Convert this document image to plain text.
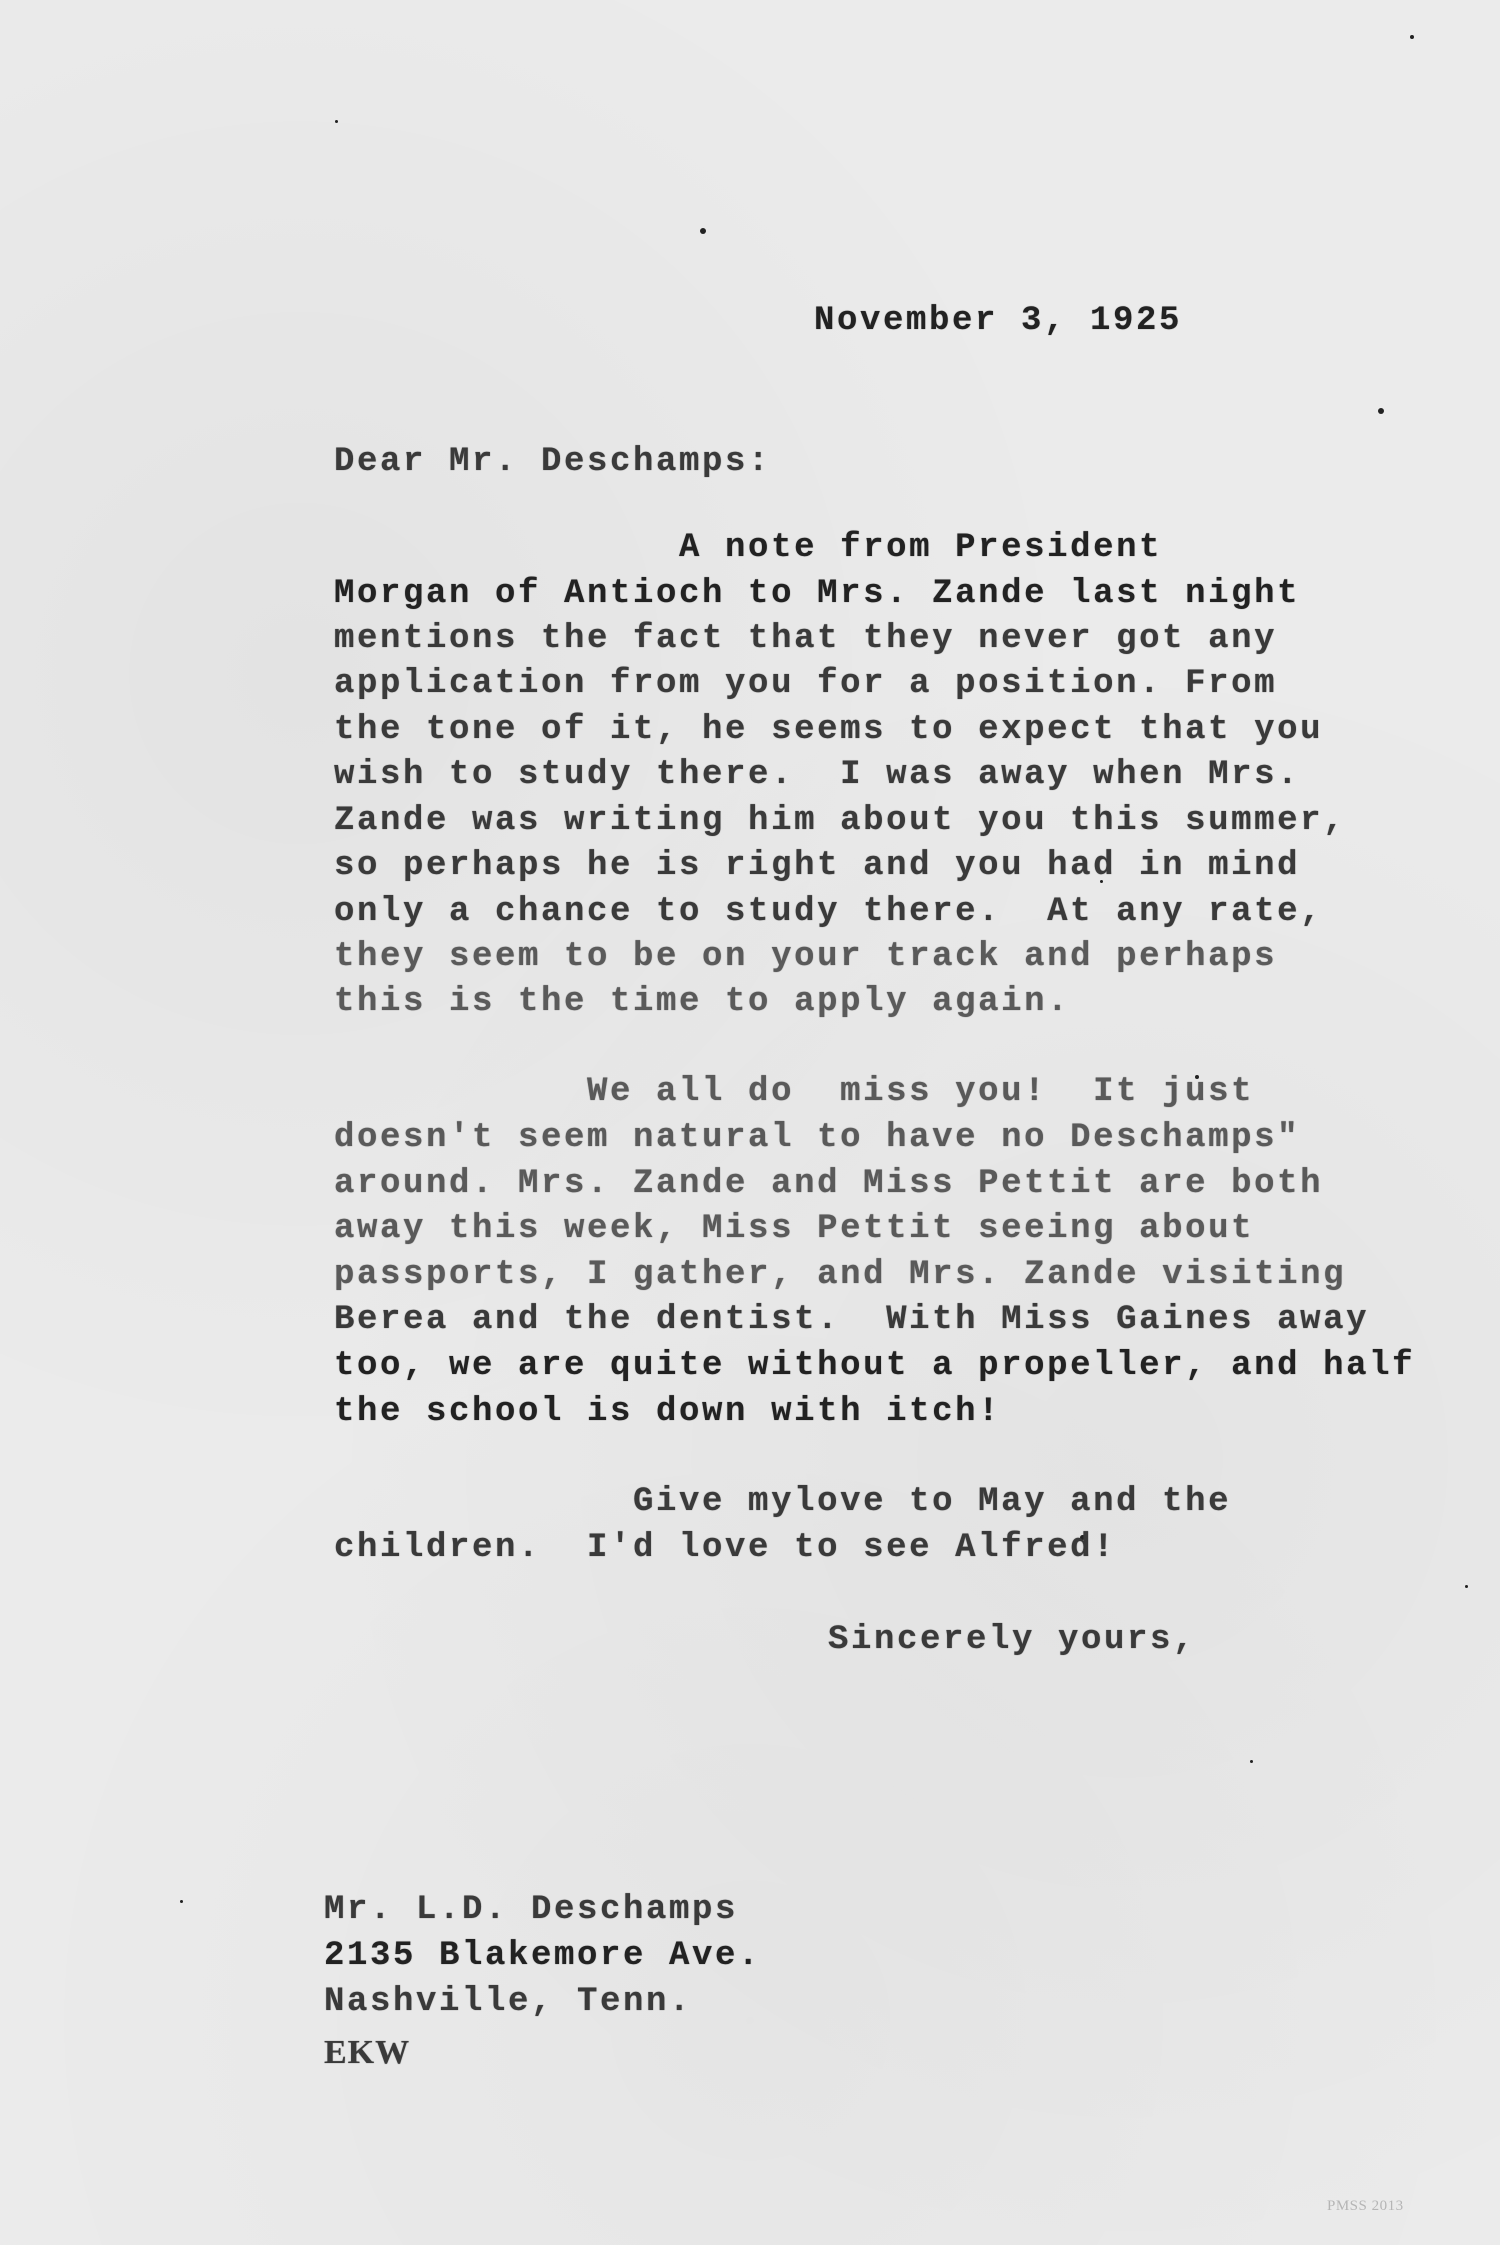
November 3, 1925
Dear Mr. Deschamps:
A note from President
Morgan of Antioch to Mrs. Zande last night
mentions the fact that they never got any
application from you for a position. From
the tone of it, he seems to expect that you
wish to study there.  I was away when Mrs.
Zande was writing him about you this summer,
so perhaps he is right and you had in mind
only a chance to study there.  At any rate,
they seem to be on your track and perhaps
this is the time to apply again.
We all do  miss you!  It just
doesn't seem natural to have no Deschamps"
around. Mrs. Zande and Miss Pettit are both
away this week, Miss Pettit seeing about
passports, I gather, and Mrs. Zande visiting
Berea and the dentist.  With Miss Gaines away
too, we are quite without a propeller, and half
the school is down with itch!
Give mylove to May and the
children.  I'd love to see Alfred!
Sincerely yours,
Mr. L.D. Deschamps
2135 Blakemore Ave.
Nashville, Tenn.
EKW
PMSS 2013
